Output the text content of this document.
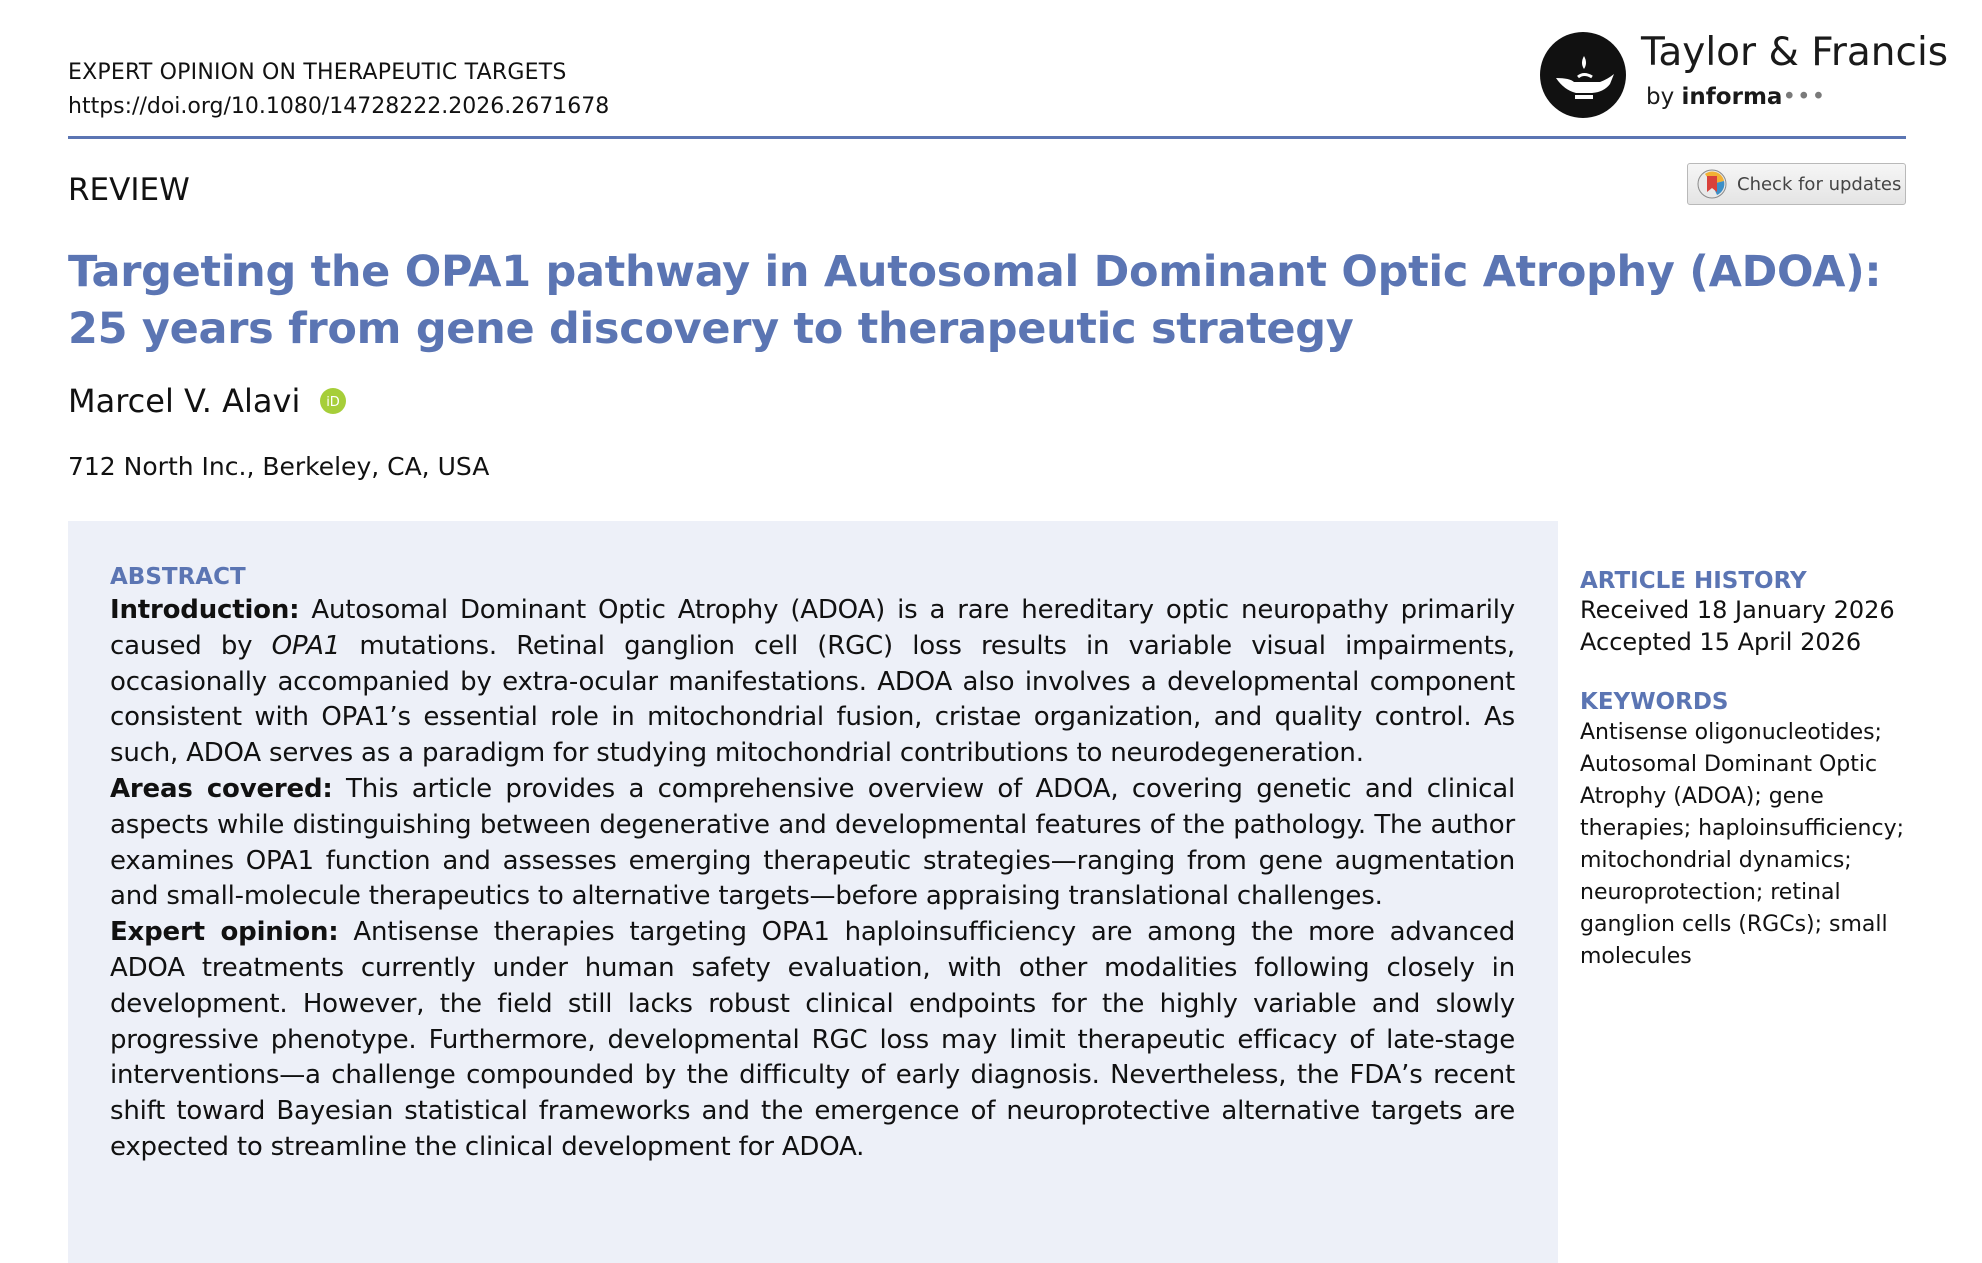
EXPERT OPINION ON THERAPEUTIC TARGETS
https://doi.org/10.1080/14728222.2026.2671678
Taylor & Francis
by informa•••
REVIEW	Check for updates
Targeting the OPA1 pathway in Autosomal Dominant Optic Atrophy (ADOA): 25 years from gene discovery to therapeutic strategy
Marcel V. Alavi iD
712 North Inc., Berkeley, CA, USA
ABSTRACT

Introduction: Autosomal Dominant Optic Atrophy (ADOA) is a rare hereditary optic neuropathy primarily caused by OPA1 mutations. Retinal ganglion cell (RGC) loss results in variable visual impairments, occasionally accompanied by extra-ocular manifestations. ADOA also involves a developmental component consistent with OPA1’s essential role in mitochondrial fusion, cristae organization, and quality control. As such, ADOA serves as a paradigm for studying mitochondrial contributions to neurodegeneration.

Areas covered: This article provides a comprehensive overview of ADOA, covering genetic and clinical aspects while distinguishing between degenerative and developmental features of the pathology. The author examines OPA1 function and assesses emerging therapeutic strategies—ranging from gene augmentation and small-molecule therapeutics to alternative targets—before appraising translational challenges.

Expert opinion: Antisense therapies targeting OPA1 haploinsufficiency are among the more advanced ADOA treatments currently under human safety evaluation, with other modalities following closely in development. However, the field still lacks robust clinical endpoints for the highly variable and slowly progressive phenotype. Furthermore, developmental RGC loss may limit therapeutic efficacy of late-stage interventions—a challenge compounded by the difficulty of early diagnosis. Nevertheless, the FDA’s recent shift toward Bayesian statistical frameworks and the emergence of neuroprotective alternative targets are expected to streamline the clinical development for ADOA.

ARTICLE HISTORY
Received 18 January 2026
Accepted 15 April 2026
KEYWORDS
Antisense oligonucleotides; Autosomal Dominant Optic Atrophy (ADOA); gene therapies; haploinsufficiency; mitochondrial dynamics; neuroprotection; retinal ganglion cells (RGCs); small molecules
